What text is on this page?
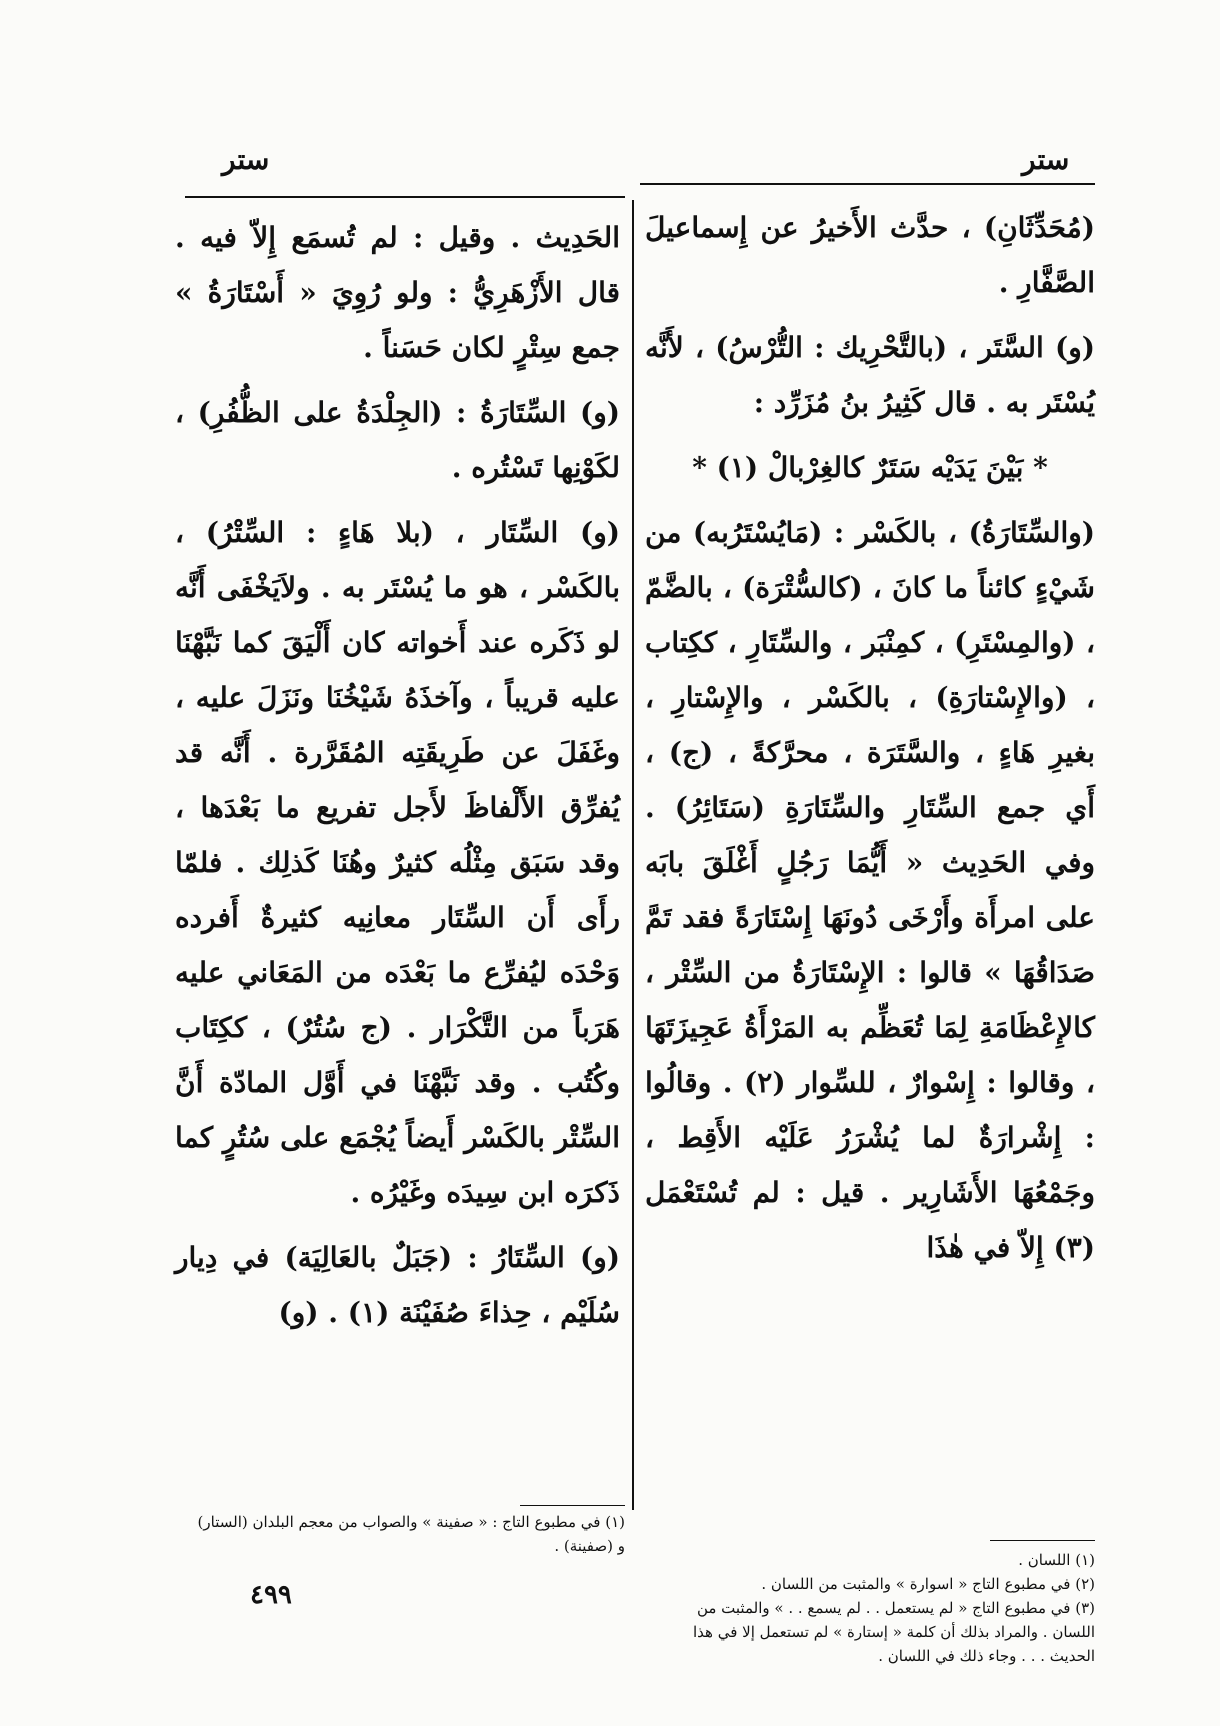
ستر	ستر

(مُحَدِّثَانِ) ، حدَّث الأَخيرُ عن إِسماعيلَ الصَّفَّارِ .

(و) السَّتَر ، (بالتَّحْرِيك : التُّرْسُ) ، لأَنَّه يُسْتَر به . قال كَثِيرُ بنُ مُزَرِّد :

* بَيْنَ يَدَيْه سَتَرٌ كالغِرْبالْ (١) *

(والسِّتَارَةُ) ، بالكَسْر : (مَايُسْتَرُبه) من شَيْءٍ كائناً ما كانَ ، (كالسُّتْرَة) ، بالضَّمّ ، (والمِسْتَرِ) ، كمِنْبَر ، والسِّتَارِ ، ككِتاب ، (والإِسْتارَةِ) ، بالكَسْر ، والإِسْتارِ ، بغيرِ هَاءٍ ، والسَّتَرَة ، محرَّكةً ، (ج) ، أَي جمع السِّتَارِ والسِّتَارَةِ (سَتَائِرُ) . وفي الحَدِيث « أَيُّمَا رَجُلٍ أَغْلَقَ بابَه على امرأَة وأَرْخَى دُونَهَا إِسْتَارَةً فقد تَمَّ صَدَاقُهَا » قالوا : الإِسْتَارَةُ من السِّتْر ، كالإِعْظَامَةِ لِمَا تُعَظِّم به المَرْأَةُ عَجِيزَتَهَا ، وقالوا : إِسْوارٌ ، للسِّوار (٢) . وقالُوا : إِشْرارَةٌ لما يُشْرَرُ عَلَيْه الأَقِط ، وجَمْعُهَا الأَشَارِير . قيل : لم تُسْتَعْمَل (٣) إِلاّ في هٰذَا

الحَدِيث . وقيل : لم تُسمَع إِلاّ فيه . قال الأَزْهَرِيُّ : ولو رُوِيَ « أَسْتَارَةُ » جمع سِتْرٍ لكان حَسَناً .

(و) السِّتَارَةُ : (الجِلْدَةُ على الظُّفُرِ) ، لكَوْنِها تَسْتُره .

(و) السِّتَار ، (بلا هَاءٍ : السِّتْرُ) ، بالكَسْر ، هو ما يُسْتَر به . ولاَيَخْفَى أَنَّه لو ذَكَره عند أَخواته كان أَلْيَقَ كما نَبَّهْنَا عليه قريباً ، وآخذَهُ شَيْخُنَا ونَزَلَ عليه ، وغَفَلَ عن طَرِيقَتِه المُقَرَّرة . أَنَّه قد يُفرِّق الأَلْفاظَ لأَجل تفريع ما بَعْدَها ، وقد سَبَق مِثْلُه كثيرٌ وهُنَا كَذلِك . فلمّا رأَى أَن السِّتَار معانِيه كثيرةٌ أَفرده وَحْدَه ليُفرِّع ما بَعْدَه من المَعَاني عليه هَرَباً من التَّكْرَار . (ج سُتُرٌ) ، ككِتَاب وكُتُب . وقد نَبَّهْنَا في أَوَّل المادّة أَنَّ السِّتْر بالكَسْر أَيضاً يُجْمَع على سُتُرٍ كما ذَكرَه ابن سِيدَه وغَيْرُه .

(و) السِّتَارُ : (جَبَلٌ بالعَالِيَة) في دِيار سُلَيْم ، حِذاءَ صُفَيْنَة (١) . (و)

(١) اللسان .

(٢) في مطبوع التاج « اسوارة » والمثبت من اللسان .

(٣) في مطبوع التاج « لم يستعمل . . لم يسمع . . » والمثبت من اللسان . والمراد بذلك أن كلمة « إستارة » لم تستعمل إلا في هذا الحديث . . . وجاء ذلك في اللسان .

(١) في مطبوع التاج : « صفينة » والصواب من معجم البلدان (الستار) و (صفينة) .

٤٩٩
